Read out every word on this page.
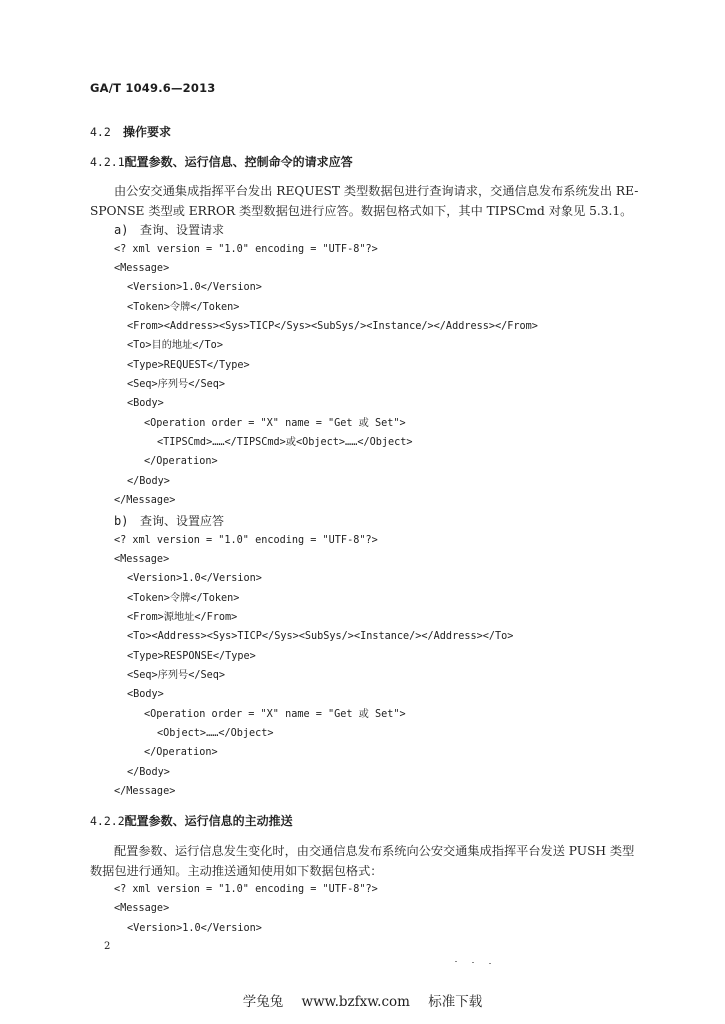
GA/T 1049.6—2013
4.2 操作要求
4.2.1配置参数、运行信息、控制命令的请求应答
由公安交通集成指挥平台发出 REQUEST 类型数据包进行查询请求，交通信息发布系统发出 RE-
SPONSE 类型或 ERROR 类型数据包进行应答。数据包格式如下，其中 TIPSCmd 对象见 5.3.1。
a) 查询、设置请求
<? xml version = "1.0" encoding = "UTF-8"?>
<Message>
<Version>1.0</Version>
<Token>令牌</Token>
<From><Address><Sys>TICP</Sys><SubSys/><Instance/></Address></From>
<To>目的地址</To>
<Type>REQUEST</Type>
<Seq>序列号</Seq>
<Body>
<Operation order = "X" name = "Get 或 Set">
<TIPSCmd>……</TIPSCmd>或<Object>……</Object>
</Operation>
</Body>
</Message>
b) 查询、设置应答
<? xml version = "1.0" encoding = "UTF-8"?>
<Message>
<Version>1.0</Version>
<Token>令牌</Token>
<From>源地址</From>
<To><Address><Sys>TICP</Sys><SubSys/><Instance/></Address></To>
<Type>RESPONSE</Type>
<Seq>序列号</Seq>
<Body>
<Operation order = "X" name = "Get 或 Set">
<Object>……</Object>
</Operation>
</Body>
</Message>
4.2.2配置参数、运行信息的主动推送
配置参数、运行信息发生变化时，由交通信息发布系统向公安交通集成指挥平台发送 PUSH 类型
数据包进行通知。主动推送通知使用如下数据包格式：
<? xml version = "1.0" encoding = "UTF-8"?>
<Message>
<Version>1.0</Version>
2
学兔兔 www.bzfxw.com 标准下载
